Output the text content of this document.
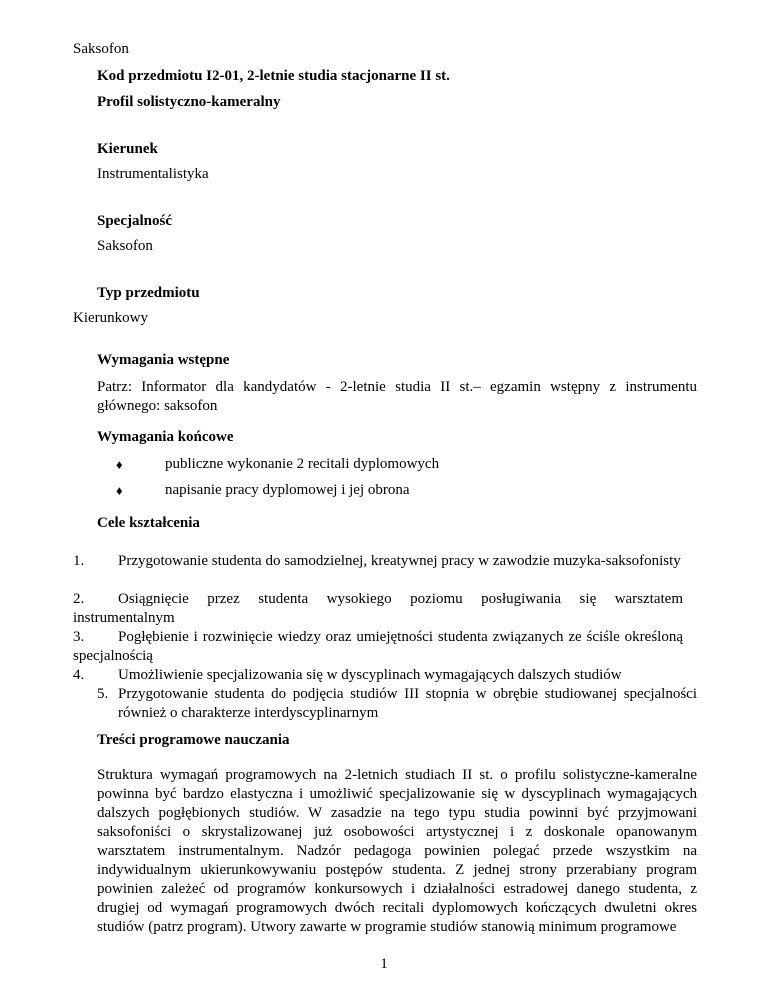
Saksofon
Kod przedmiotu I2-01, 2-letnie studia stacjonarne II st.
Profil solistyczno-kameralny
Kierunek
Instrumentalistyka
Specjalność
Saksofon
Typ przedmiotu
Kierunkowy
Wymagania wstępne
Patrz: Informator dla kandydatów - 2-letnie studia II st.– egzamin wstępny z instrumentu głównego: saksofon
Wymagania końcowe
♦	publiczne wykonanie 2 recitali dyplomowych
♦	napisanie pracy dyplomowej i jej obrona
Cele kształcenia
1.	Przygotowanie studenta do samodzielnej, kreatywnej pracy w zawodzie muzyka-saksofonisty
2.	Osiągnięcie przez studenta wysokiego poziomu posługiwania się warsztatem instrumentalnym
3.	Pogłębienie i rozwinięcie wiedzy oraz umiejętności studenta związanych ze ściśle określoną specjalnością
4.	Umożliwienie specjalizowania się w dyscyplinach wymagających dalszych studiów
5. Przygotowanie studenta do podjęcia studiów III stopnia w obrębie studiowanej specjalności również o charakterze interdyscyplinarnym
Treści programowe nauczania
Struktura wymagań programowych na 2-letnich studiach II st. o profilu solistyczne-kameralne powinna być bardzo elastyczna i umożliwić specjalizowanie się w dyscyplinach wymagających dalszych pogłębionych studiów. W zasadzie na tego typu studia powinni być przyjmowani saksofoniści o skrystalizowanej już osobowości artystycznej i z doskonale opanowanym warsztatem instrumentalnym. Nadzór pedagoga powinien polegać przede wszystkim na indywidualnym ukierunkowywaniu postępów studenta. Z jednej strony przerabiany program powinien zależeć od programów konkursowych i działalności estradowej danego studenta, z drugiej od wymagań programowych dwóch recitali dyplomowych kończących dwuletni okres studiów (patrz program). Utwory zawarte w programie studiów stanowią minimum programowe
1
